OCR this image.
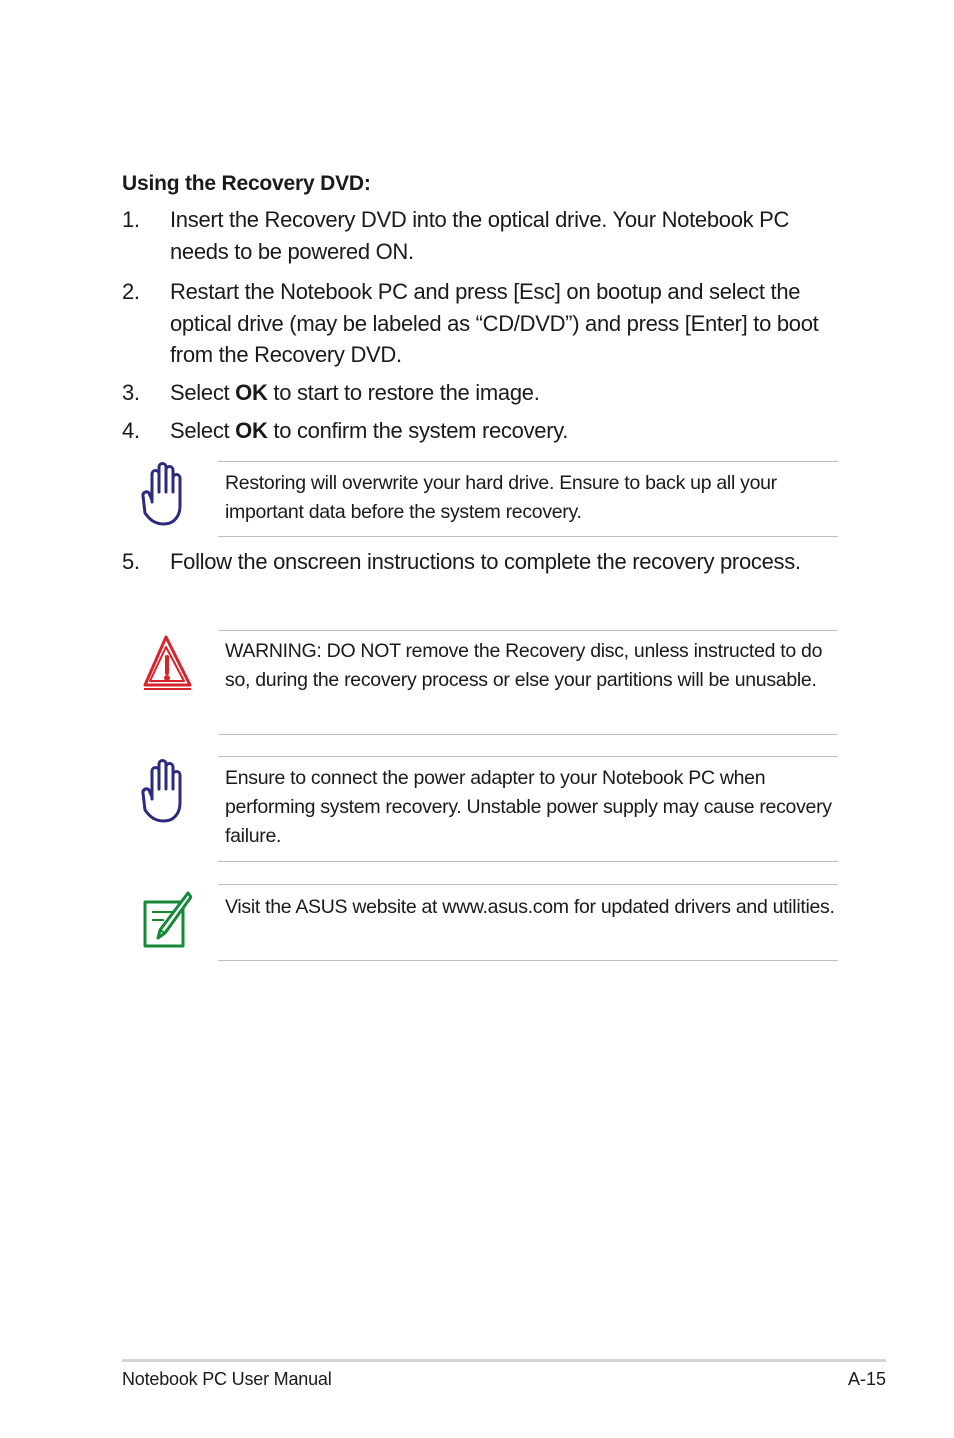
Using the Recovery DVD:
1. Insert the Recovery DVD into the optical drive. Your Notebook PC needs to be powered ON.
2. Restart the Notebook PC and press [Esc] on bootup and select the optical drive (may be labeled as “CD/DVD”) and press [Enter] to boot from the Recovery DVD.
3. Select OK to start to restore the image.
4. Select OK to confirm the system recovery.
Restoring will overwrite your hard drive. Ensure to back up all your important data before the system recovery.
5. Follow the onscreen instructions to complete the recovery process.
WARNING: DO NOT remove the Recovery disc, unless instructed to do so, during the recovery process or else your partitions will be unusable.
Ensure to connect the power adapter to your Notebook PC when performing system recovery. Unstable power supply may cause recovery failure.
Visit the ASUS website at www.asus.com for updated drivers and utilities.
Notebook PC User Manual	A-15
